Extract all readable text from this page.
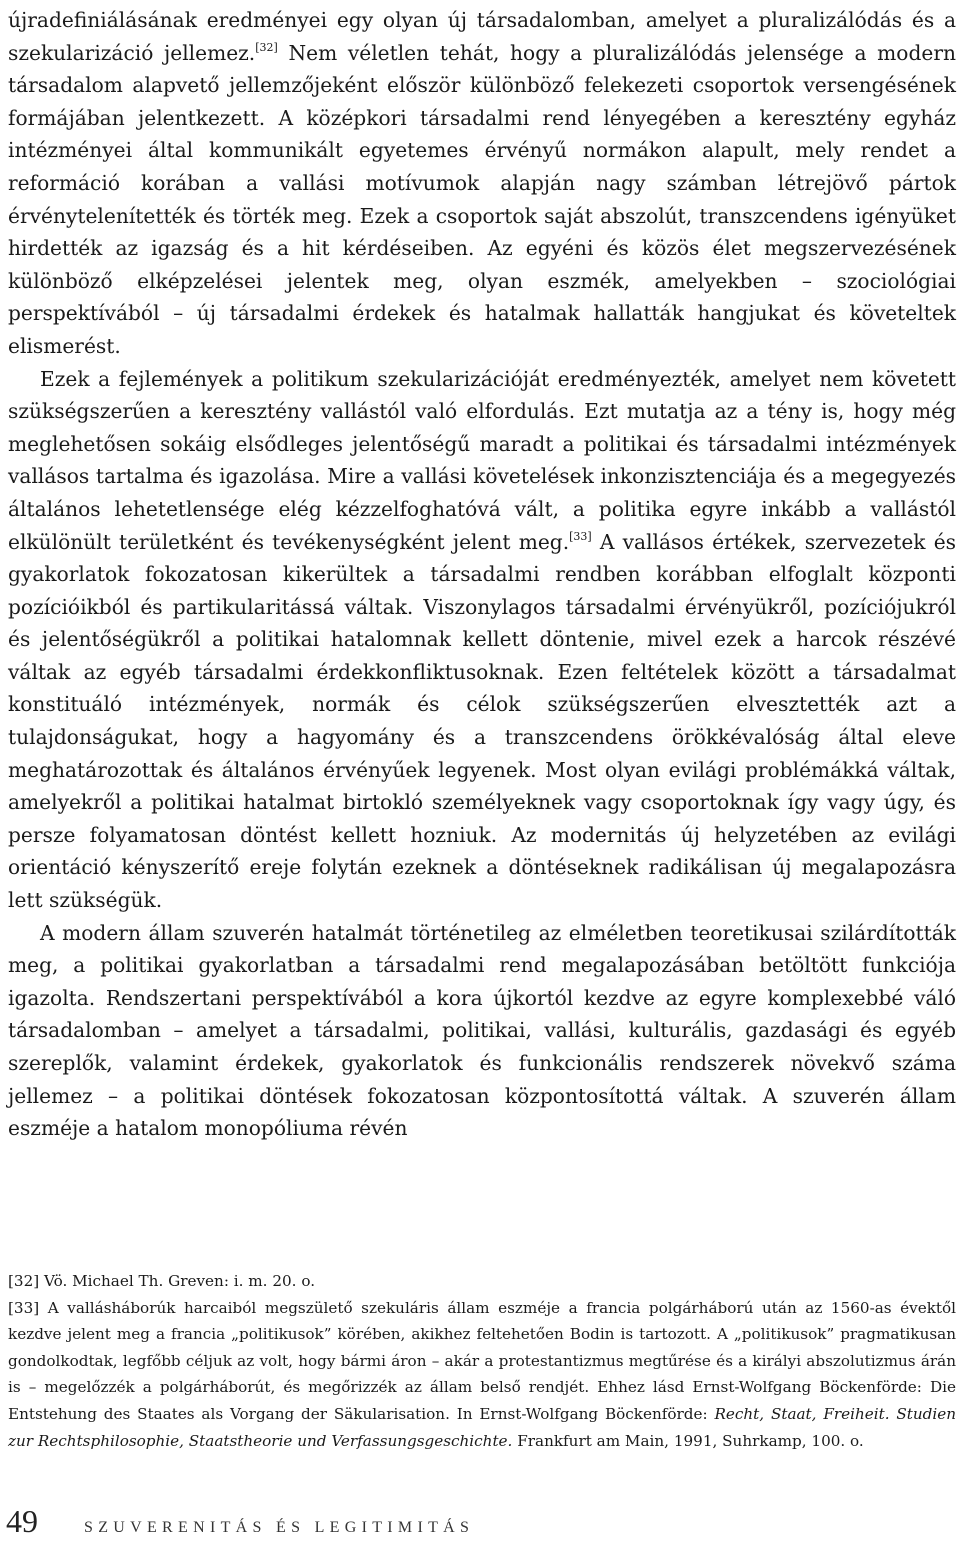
újradefiniálásának eredményei egy olyan új társadalomban, amelyet a pluralizálódás és a szekularizáció jellemez.[32] Nem véletlen tehát, hogy a pluralizálódás jelensége a modern társadalom alapvető jellemzőjeként először különböző felekezeti csoportok versengésének formájában jelentkezett. A középkori társadalmi rend lényegében a keresztény egyház intézményei által kommunikált egyetemes érvényű normákon alapult, mely rendet a reformáció korában a vallási motívumok alapján nagy számban létrejövő pártok érvénytelenítették és törték meg. Ezek a csoportok saját abszolút, transzcendens igényüket hirdették az igazság és a hit kérdéseiben. Az egyéni és közös élet megszervezésének különböző elképzelései jelentek meg, olyan eszmék, amelyekben – szociológiai perspektívából – új társadalmi érdekek és hatalmak hallatták hangjukat és követeltek elismerést.

Ezek a fejlemények a politikum szekularizációját eredményezték, amelyet nem követett szükségszerűen a keresztény vallástól való elfordulás. Ezt mutatja az a tény is, hogy még meglehetősen sokáig elsődleges jelentőségű maradt a politikai és társadalmi intézmények vallásos tartalma és igazolása. Mire a vallási követelések inkonzisztenciája és a megegyezés általános lehetetlensége elég kézzelfoghatóvá vált, a politika egyre inkább a vallástól elkülönült területként és tevékenységként jelent meg.[33] A vallásos értékek, szervezetek és gyakorlatok fokozatosan kikerültek a társadalmi rendben korábban elfoglalt központi pozícióikból és partikularitássá váltak. Viszonylagos társadalmi érvényükről, pozíciójukról és jelentőségükről a politikai hatalomnak kellett döntenie, mivel ezek a harcok részévé váltak az egyéb társadalmi érdekkonfliktusoknak. Ezen feltételek között a társadalmat konstituáló intézmények, normák és célok szükségszerűen elvesztették azt a tulajdonságukat, hogy a hagyomány és a transzcendens örökkévalóság által eleve meghatározottak és általános érvényűek legyenek. Most olyan evilági problémákká váltak, amelyekről a politikai hatalmat birtokló személyeknek vagy csoportoknak így vagy úgy, és persze folyamatosan döntést kellett hozniuk. Az modernitás új helyzetében az evilági orientáció kényszerítő ereje folytán ezeknek a döntéseknek radikálisan új megalapozásra lett szükségük.

A modern állam szuverén hatalmát történetileg az elméletben teoretikusai szilárdították meg, a politikai gyakorlatban a társadalmi rend megalapozásában betöltött funkciója igazolta. Rendszertani perspektívából a kora újkortól kezdve az egyre komplexebbé váló társadalomban – amelyet a társadalmi, politikai, vallási, kulturális, gazdasági és egyéb szereplők, valamint érdekek, gyakorlatok és funkcionális rendszerek növekvő száma jellemez – a politikai döntések fokozatosan központosítottá váltak. A szuverén állam eszméje a hatalom monopóliuma révén

[32] Vö. Michael Th. Greven: i. m. 20. o.

[33] A vallásháborúk harcaiból megszülető szekuláris állam eszméje a francia polgárháború után az 1560-as évektől kezdve jelent meg a francia „politikusok” körében, akikhez feltehetően Bodin is tartozott. A „politikusok” pragmatikusan gondolkodtak, legfőbb céljuk az volt, hogy bármi áron – akár a protestantizmus megtűrése és a királyi abszolutizmus árán is – megelőzzék a polgárháborút, és megőrizzék az állam belső rendjét. Ehhez lásd Ernst-Wolfgang Böckenförde: Die Entstehung des Staates als Vorgang der Säkularisation. In Ernst-Wolfgang Böckenförde: Recht, Staat, Freiheit. Studien zur Rechtsphilosophie, Staatstheorie und Verfassungsgeschichte. Frankfurt am Main, 1991, Suhrkamp, 100. o.

49	SZUVERENITÁS ÉS LEGITIMITÁS
